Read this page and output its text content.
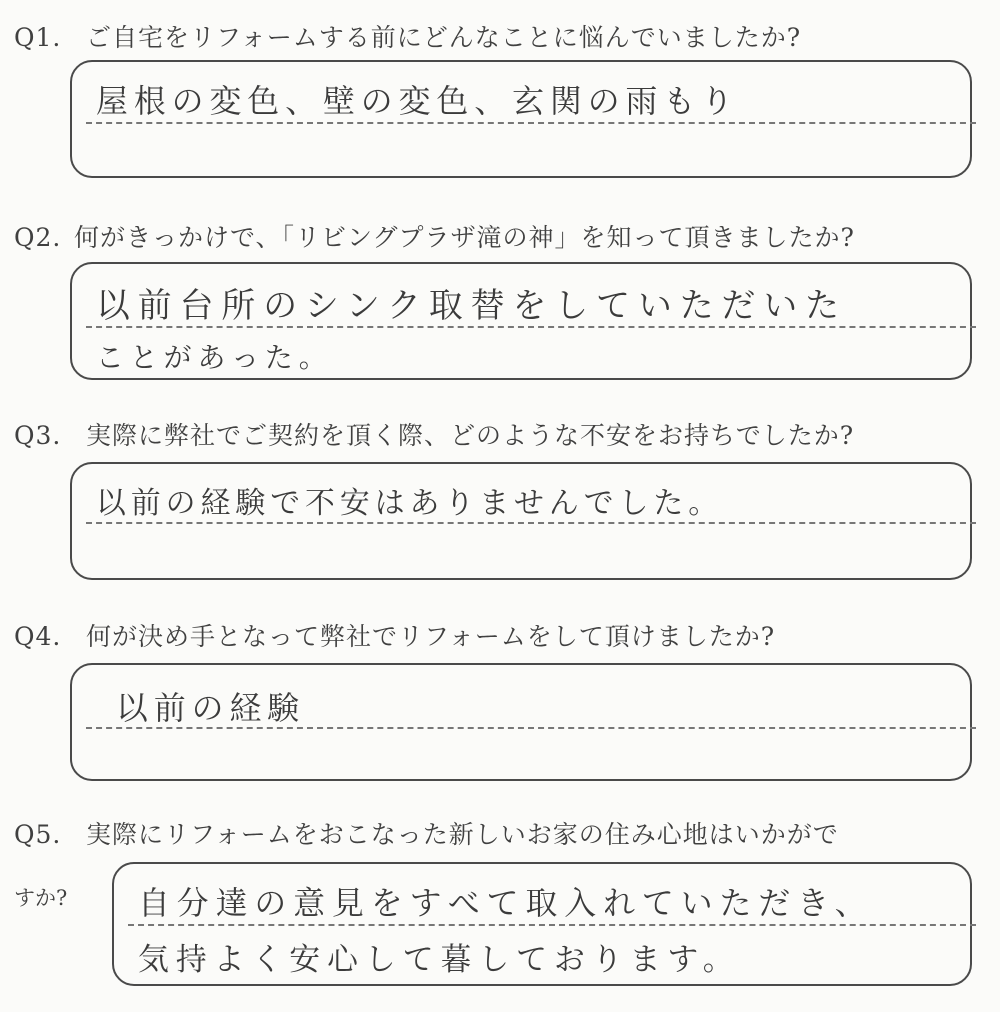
Q1. ご自宅をリフォームする前にどんなことに悩んでいましたか?
屋根の変色、壁の変色、玄関の雨もり
Q2. 何がきっかけで、「リビングプラザ滝の神」を知って頂きましたか?
以前台所のシンク取替をしていただいた
ことがあった。
Q3. 実際に弊社でご契約を頂く際、どのような不安をお持ちでしたか?
以前の経験で不安はありませんでした。
Q4. 何が決め手となって弊社でリフォームをして頂けましたか?
以前の経験
Q5. 実際にリフォームをおこなった新しいお家の住み心地はいかがで
すか? 自分達の意見をすべて取入れていただき、
気持よく安心して暮しております。
